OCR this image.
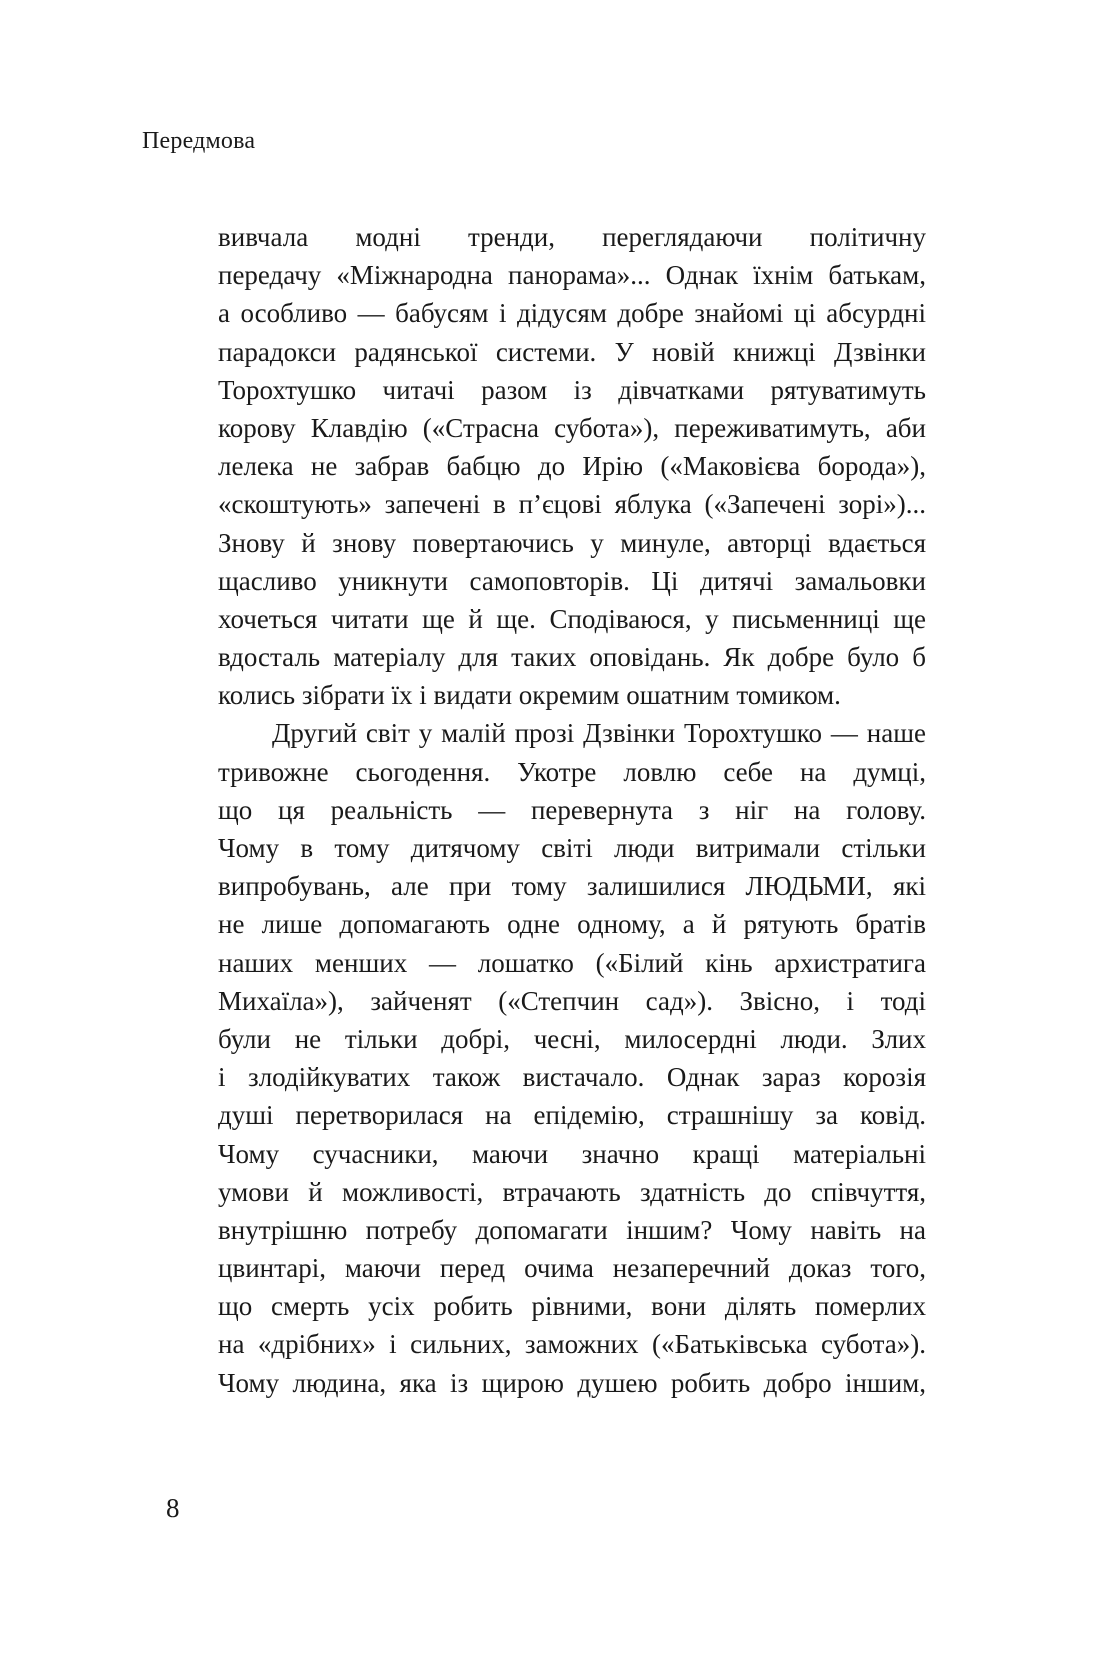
Передмова
вивчала модні тренди, переглядаючи політичну
передачу «Міжнародна панорама»... Однак їхнім батькам,
а особливо — бабусям і дідусям добре знайомі ці абсурдні
парадокси радянської системи. У новій книжці Дзвінки
Торохтушко читачі разом із дівчатками рятуватимуть
корову Клавдію («Страсна субота»), переживатимуть, аби
лелека не забрав бабцю до Ирію («Маковієва борода»),
«скоштують» запечені в п’єцові яблука («Запечені зорі»)...
Знову й знову повертаючись у минуле, авторці вдається
щасливо уникнути самоповторів. Ці дитячі замальовки
хочеться читати ще й ще. Сподіваюся, у письменниці ще
вдосталь матеріалу для таких оповідань. Як добре було б
колись зібрати їх і видати окремим ошатним томиком.
Другий світ у малій прозі Дзвінки Торохтушко — наше
тривожне сьогодення. Укотре ловлю себе на думці,
що ця реальність — перевернута з ніг на голову.
Чому в тому дитячому світі люди витримали стільки
випробувань, але при тому залишилися ЛЮДЬМИ, які
не лише допомагають одне одному, а й рятують братів
наших менших — лошатко («Білий кінь архистратига
Михаїла»), зайченят («Степчин сад»). Звісно, і тоді
були не тільки добрі, чесні, милосердні люди. Злих
і злодійкуватих також вистачало. Однак зараз корозія
душі перетворилася на епідемію, страшнішу за ковід.
Чому сучасники, маючи значно кращі матеріальні
умови й можливості, втрачають здатність до співчуття,
внутрішню потребу допомагати іншим? Чому навіть на
цвинтарі, маючи перед очима незаперечний доказ того,
що смерть усіх робить рівними, вони ділять померлих
на «дрібних» і сильних, заможних («Батьківська субота»).
Чому людина, яка із щирою душею робить добро іншим,
8
